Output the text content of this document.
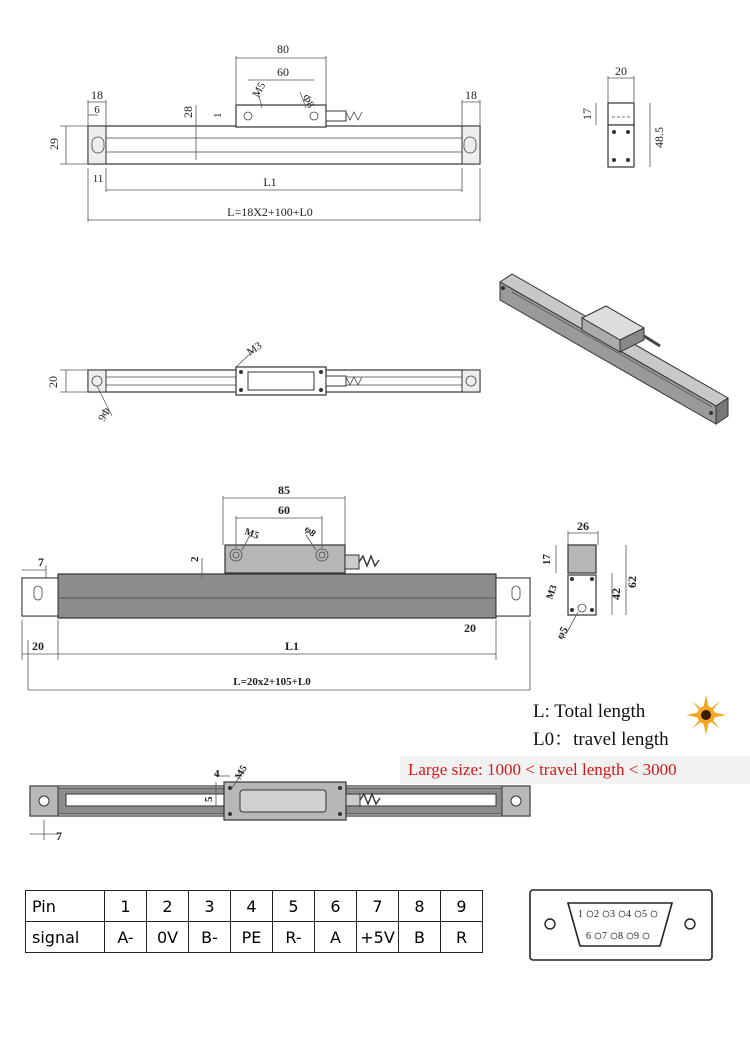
80
60
M5
Φ8
18
6
18
28 1
29
11	L1
L=18X2+100+L0
20
17
48.5
M3
20
9Φ
85
60
M5	φ8
2
7
20
20
L1
L=20x2+105+L0
26
17
M3	42
62
φ5
4 M5
5
7
1 2 3 4 5
6 7 8 9
L: Total length
L0：travel length
Large size: 1000 < travel length < 3000
Pin	1	2	3	4	5	6	7	8	9
signal	A-	0V	B-	PE	R-	A	+5V	B	R
